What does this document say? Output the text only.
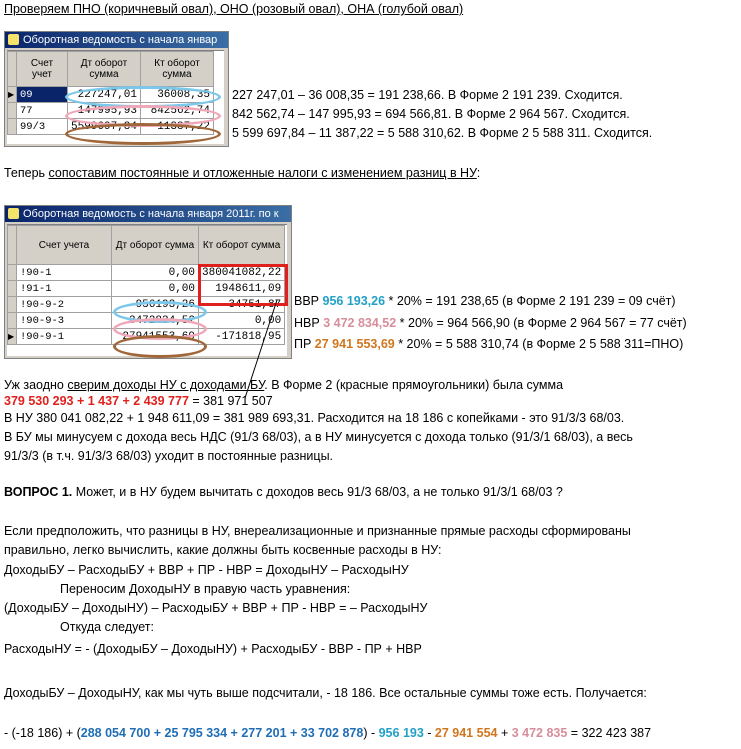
Проверяем ПНО (коричневый овал), ОНО (розовый овал), ОНА (голубой овал)
Оборотная ведомость с начала январ
	Счет учет	Дт оборот сумма	Кт оборот сумма
▶	09	227247,01	36008,35
	77	147995,93	842562,74
	99/3	5599697,84	11387,22
227 247,01 – 36 008,35 = 191 238,66. В Форме 2 191 239. Сходится.
842 562,74 – 147 995,93 = 694 566,81. В Форме 2 964 567. Сходится.
5 599 697,84 – 11 387,22 = 5 588 310,62. В Форме 2 5 588 311. Сходится.
Теперь сопоставим постоянные и отложенные налоги с изменением разниц в НУ:
Оборотная ведомость с начала января 2011г. по к
	Счет учета	Дт оборот сумма	Кт оборот сумма
	!90-1	0,00	380041082,22
	!91-1	0,00	1948611,09
	!90-9-2	956193,26	34751,87
	!90-9-3	3472834,52	0,00
▶	!90-9-1	27941553,69	-171818,95
ВВР 956 193,26 * 20% = 191 238,65 (в Форме 2 191 239 = 09 счёт)
НВР 3 472 834,52 * 20% = 964 566,90 (в Форме 2 964 567 = 77 счёт)
ПР 27 941 553,69 * 20% = 5 588 310,74 (в Форме 2 5 588 311=ПНО)
Уж заодно сверим доходы НУ с доходами БУ. В Форме 2 (красные прямоугольники) была сумма
379 530 293 + 1 437 + 2 439 777 = 381 971 507
В НУ 380 041 082,22 + 1 948 611,09 = 381 989 693,31. Расходится на 18 186 с копейками - это 91/3/3 68/03.
В БУ мы минусуем с дохода весь НДС (91/3 68/03), а в НУ минусуется с дохода только (91/3/1 68/03), а весь
91/3/3 (в т.ч. 91/3/3 68/03) уходит в постоянные разницы.
ВОПРОС 1. Может, и в НУ будем вычитать с доходов весь 91/3 68/03, а не только 91/3/1 68/03 ?
Если предположить, что разницы в НУ, внереализационные и признанные прямые расходы сформированы
правильно, легко вычислить, какие должны быть косвенные расходы в НУ:
ДоходыБУ – РасходыБУ + ВВР + ПР - НВР = ДоходыНУ – РасходыНУ
Переносим ДоходыНУ в правую часть уравнения:
(ДоходыБУ – ДоходыНУ) – РасходыБУ + ВВР + ПР - НВР = – РасходыНУ
Откуда следует:
РасходыНУ = - (ДоходыБУ – ДоходыНУ) + РасходыБУ - ВВР - ПР + НВР
ДоходыБУ – ДоходыНУ, как мы чуть выше подсчитали, - 18 186. Все остальные суммы тоже есть. Получается:
- (-18 186) + (288 054 700 + 25 795 334 + 277 201 + 33 702 878) - 956 193 - 27 941 554 + 3 472 835 = 322 423 387
